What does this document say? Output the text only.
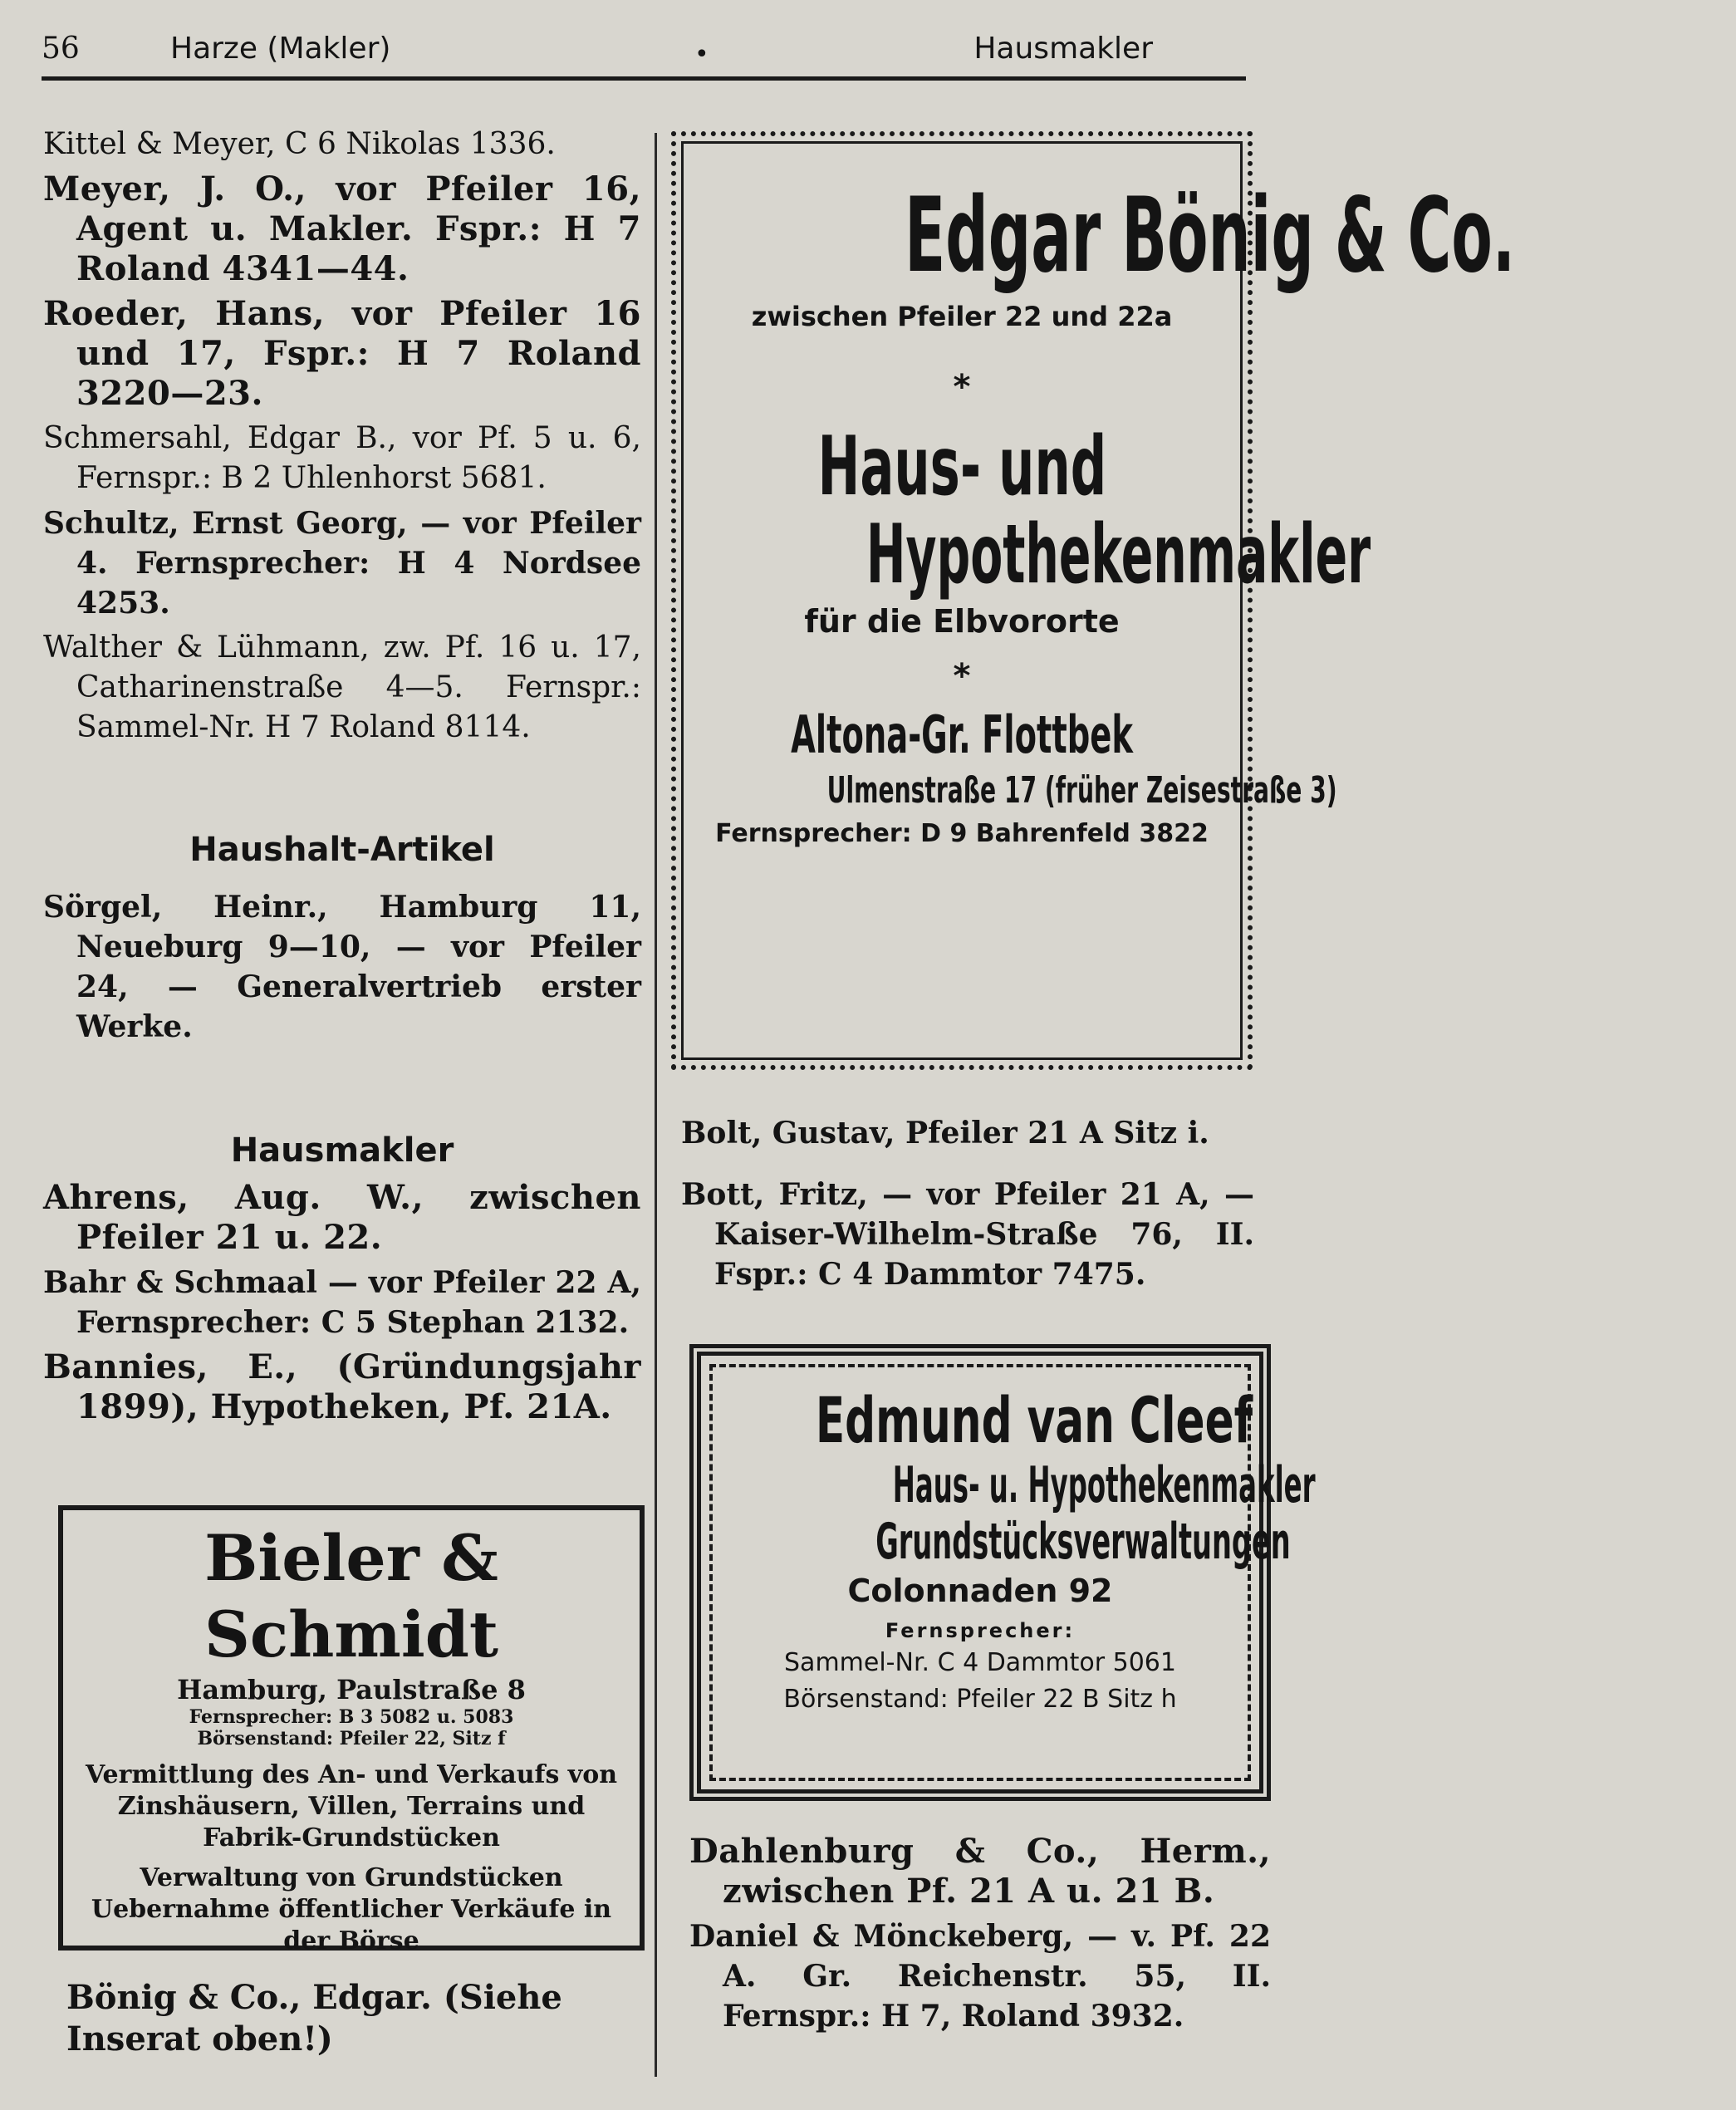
56	Harze (Makler)	•	Hausmakler
Kittel & Meyer, C 6 Nikolas 1336.
Meyer, J. O., vor Pfeiler 16, Agent u. Makler. Fspr.: H 7 Roland 4341—44.
Roeder, Hans, vor Pfeiler 16 und 17, Fspr.: H 7 Roland 3220—23.
Schmersahl, Edgar B., vor Pf. 5 u. 6, Fernspr.: B 2 Uhlenhorst 5681.
Schultz, Ernst Georg, — vor Pfeiler 4. Fernsprecher: H 4 Nordsee 4253.
Walther & Lühmann, zw. Pf. 16 u. 17, Catharinenstraße 4—5. Fernspr.: Sammel-Nr. H 7 Roland 8114.
Haushalt-Artikel
Sörgel, Heinr., Hamburg 11, Neueburg 9—10, — vor Pfeiler 24, — Generalvertrieb erster Werke.
Hausmakler
Ahrens, Aug. W., zwischen Pfeiler 21 u. 22.
Bahr & Schmaal — vor Pfeiler 22 A, Fernsprecher: C 5 Stephan 2132.
Bannies, E., (Gründungsjahr 1899), Hypotheken, Pf. 21A.
Bieler & Schmidt
Hamburg, Paulstraße 8
Fernsprecher: B 3 5082 u. 5083
Börsenstand: Pfeiler 22, Sitz f
Vermittlung des An- und Verkaufs von Zinshäusern, Villen, Terrains und Fabrik-Grundstücken
Verwaltung von Grundstücken
Uebernahme öffentlicher Verkäufe in der Börse
Bönig & Co., Edgar. (Siehe Inserat oben!)
Edgar Bönig & Co.
zwischen Pfeiler 22 und 22a
*
Haus- und
Hypothekenmakler
für die Elbvororte
*
Altona-Gr. Flottbek
Ulmenstraße 17 (früher Zeisestraße 3)
Fernsprecher: D 9 Bahrenfeld 3822
Bolt, Gustav, Pfeiler 21 A Sitz i.
Bott, Fritz, — vor Pfeiler 21 A, — Kaiser-Wilhelm-Straße 76, II. Fspr.: C 4 Dammtor 7475.
Edmund van Cleef
Haus- u. Hypothekenmakler
Grundstücksverwaltungen
Colonnaden 92
Fernsprecher:
Sammel-Nr. C 4 Dammtor 5061
Börsenstand: Pfeiler 22 B Sitz h
Dahlenburg & Co., Herm., zwischen Pf. 21 A u. 21 B.
Daniel & Mönckeberg, — v. Pf. 22 A. Gr. Reichenstr. 55, II. Fernspr.: H 7, Roland 3932.
